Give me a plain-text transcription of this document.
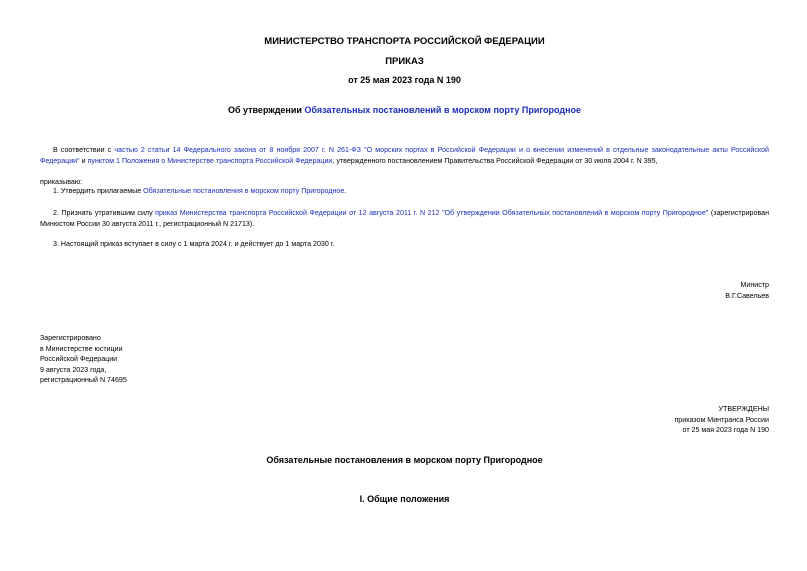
МИНИСТЕРСТВО ТРАНСПОРТА РОССИЙСКОЙ ФЕДЕРАЦИИ
ПРИКАЗ
от 25 мая 2023 года N 190
Об утверждении Обязательных постановлений в морском порту Пригородное
В соответствии с частью 2 статьи 14 Федерального закона от 8 ноября 2007 г. N 261-ФЗ "О морских портах в Российской Федерации и о внесении изменений в отдельные законодательные акты Российской Федерации" и пунктом 1 Положения о Министерстве транспорта Российской Федерации, утвержденного постановлением Правительства Российской Федерации от 30 июля 2004 г. N 395,
приказываю:
1. Утвердить прилагаемые Обязательные постановления в морском порту Пригородное.
2. Признать утратившим силу приказ Министерства транспорта Российской Федерации от 12 августа 2011 г. N 212 "Об утверждении Обязательных постановлений в морском порту Пригородное" (зарегистрирован Минюстом России 30 августа 2011 г., регистрационный N 21713).
3. Настоящий приказ вступает в силу с 1 марта 2024 г. и действует до 1 марта 2030 г.
Министр
В.Г.Савельев
Зарегистрировано
в Министерстве юстиции
Российской Федерации
9 августа 2023 года,
регистрационный N 74695
УТВЕРЖДЕНЫ
приказом Минтранса России
от 25 мая 2023 года N 190
Обязательные постановления в морском порту Пригородное
I. Общие положения
